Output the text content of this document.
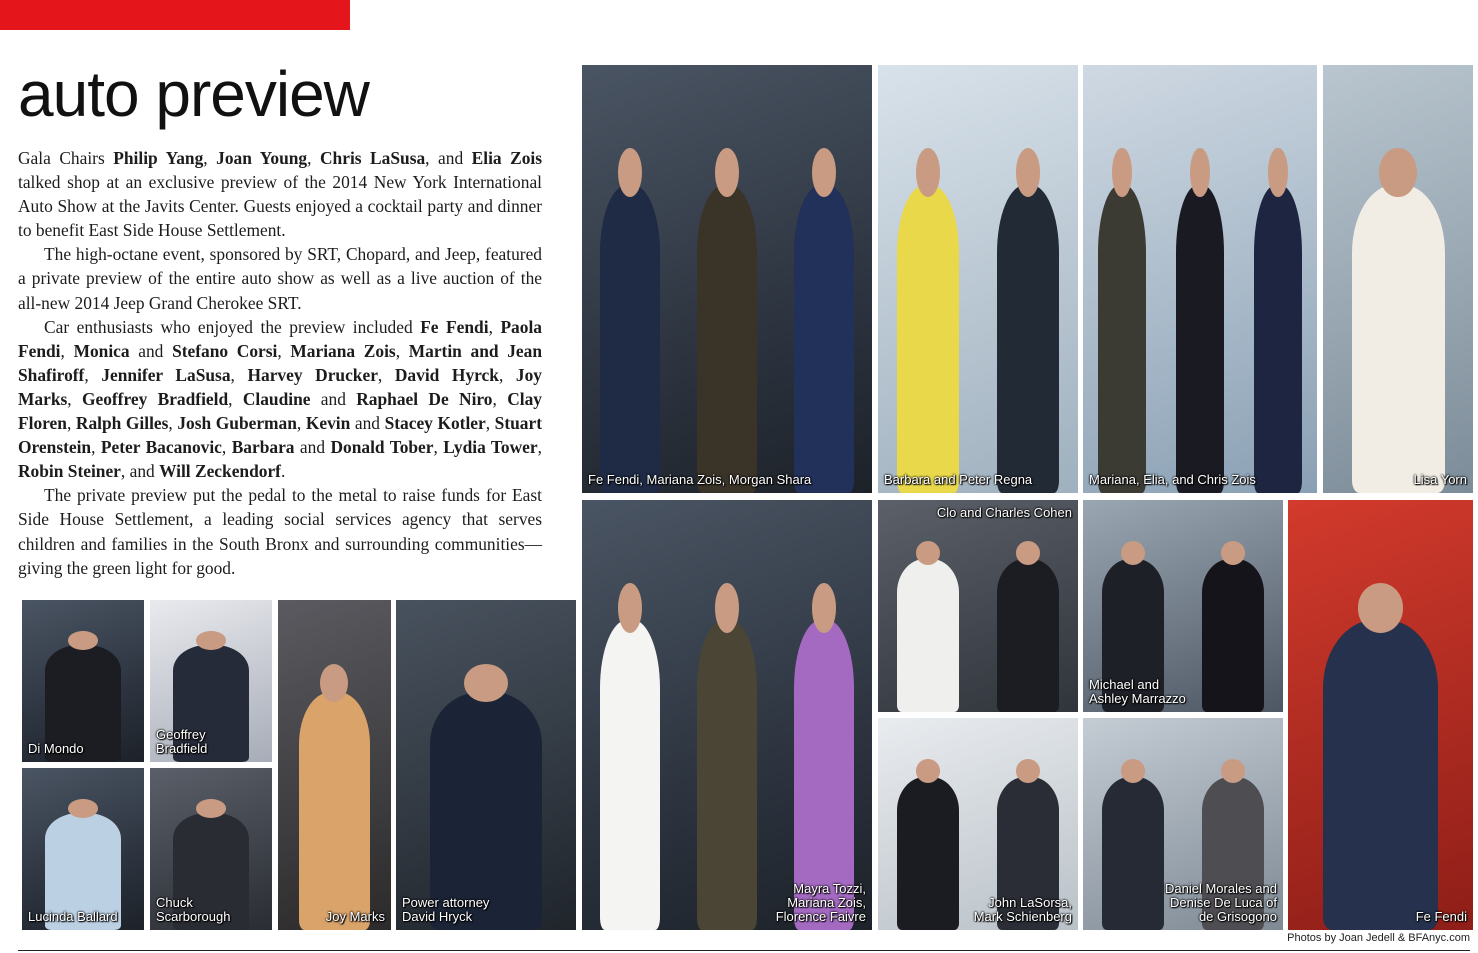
auto preview

Gala Chairs Philip Yang, Joan Young, Chris LaSusa, and Elia Zois talked shop at an exclusive preview of the 2014 New York International Auto Show at the Javits Center. Guests enjoyed a cocktail party and dinner to benefit East Side House Settlement.

The high-octane event, sponsored by SRT, Chopard, and Jeep, featured a private preview of the entire auto show as well as a live auction of the all-new 2014 Jeep Grand Cherokee SRT.

Car enthusiasts who enjoyed the preview included Fe Fendi, Paola Fendi, Monica and Stefano Corsi, Mariana Zois, Martin and Jean Shafiroff, Jennifer LaSusa, Harvey Drucker, David Hyrck, Joy Marks, Geoffrey Bradfield, Claudine and Raphael De Niro, Clay Floren, Ralph Gilles, Josh Guberman, Kevin and Stacey Kotler, Stuart Orenstein, Peter Bacanovic, Barbara and Donald Tober, Lydia Tower, Robin Steiner, and Will Zeckendorf.

The private preview put the pedal to the metal to raise funds for East Side House Settlement, a leading social services agency that serves children and families in the South Bronx and surrounding communities—giving the green light for good.

Fe Fendi, Mariana Zois, Morgan Shara	Barbara and Peter Regna	Mariana, Elia, and Chris Zois	Lisa Yorn
Di Mondo
Geoffrey
Bradfield
Joy Marks
Power attorney
David Hryck
Lucinda Ballard
Chuck
Scarborough
Mayra Tozzi,
Mariana Zois,
Florence Faivre
Clo and Charles Cohen
Michael and
Ashley Marrazzo
Fe Fendi
John LaSorsa,
Mark Schienberg
Daniel Morales and
Denise De Luca of
de Grisogono
Photos by Joan Jedell & BFAnyc.com
